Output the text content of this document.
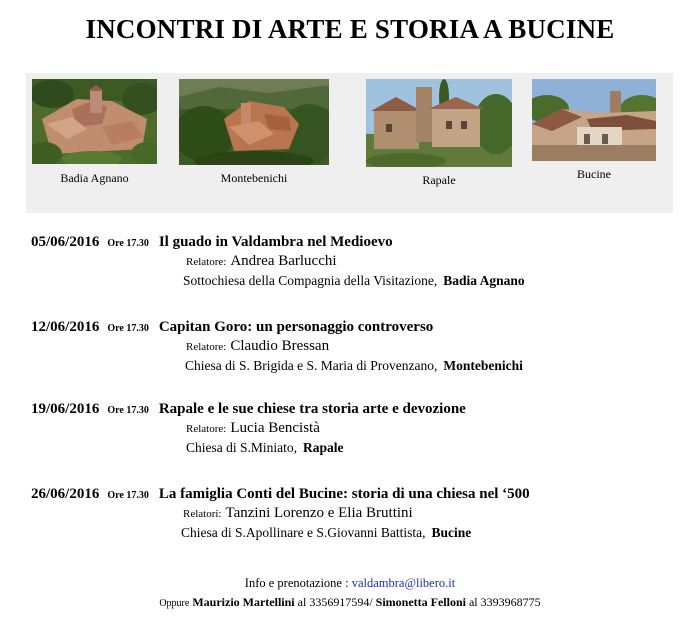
INCONTRI DI ARTE E STORIA A BUCINE
Badia Agnano	Montebenichi	Rapale	Bucine
05/06/2016 Ore 17.30 Il guado in Valdambra nel Medioevo
Relatore: Andrea Barlucchi
Sottochiesa della Compagnia della Visitazione, Badia Agnano
12/06/2016 Ore 17.30 Capitan Goro: un personaggio controverso
Relatore: Claudio Bressan
Chiesa di S. Brigida e S. Maria di Provenzano, Montebenichi
19/06/2016 Ore 17.30 Rapale e le sue chiese tra storia arte e devozione
Relatore: Lucia Bencistà
Chiesa di S.Miniato, Rapale
26/06/2016 Ore 17.30 La famiglia Conti del Bucine: storia di una chiesa nel ‘500
Relatori: Tanzini Lorenzo e Elia Bruttini
Chiesa di S.Apollinare e S.Giovanni Battista, Bucine
Info e prenotazione : valdambra@libero.it
Oppure Maurizio Martellini al 3356917594/ Simonetta Felloni al 3393968775
